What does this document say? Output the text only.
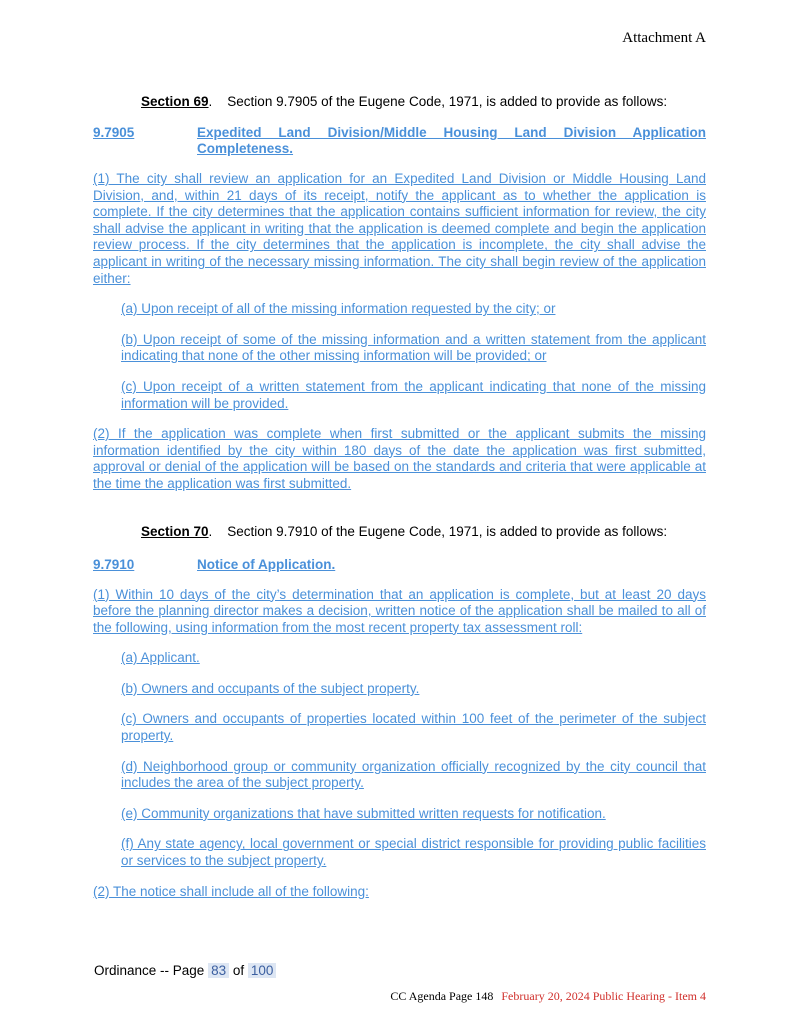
Attachment A
Section 69.    Section 9.7905 of the Eugene Code, 1971, is added to provide as follows:
9.7905	Expedited Land Division/Middle Housing Land Division Application Completeness.

(1) The city shall review an application for an Expedited Land Division or Middle Housing Land Division, and, within 21 days of its receipt, notify the applicant as to whether the application is complete. If the city determines that the application contains sufficient information for review, the city shall advise the applicant in writing that the application is deemed complete and begin the application review process. If the city determines that the application is incomplete, the city shall advise the applicant in writing of the necessary missing information. The city shall begin review of the application either:

(a) Upon receipt of all of the missing information requested by the city; or

(b) Upon receipt of some of the missing information and a written statement from the applicant indicating that none of the other missing information will be provided; or

(c) Upon receipt of a written statement from the applicant indicating that none of the missing information will be provided.

(2) If the application was complete when first submitted or the applicant submits the missing information identified by the city within 180 days of the date the application was first submitted, approval or denial of the application will be based on the standards and criteria that were applicable at the time the application was first submitted.

Section 70.    Section 9.7910 of the Eugene Code, 1971, is added to provide as follows:
9.7910	Notice of Application.

(1) Within 10 days of the city’s determination that an application is complete, but at least 20 days before the planning director makes a decision, written notice of the application shall be mailed to all of the following, using information from the most recent property tax assessment roll:

(a) Applicant.

(b) Owners and occupants of the subject property.

(c) Owners and occupants of properties located within 100 feet of the perimeter of the subject property.

(d) Neighborhood group or community organization officially recognized by the city council that includes the area of the subject property.

(e) Community organizations that have submitted written requests for notification.

(f) Any state agency, local government or special district responsible for providing public facilities or services to the subject property.

(2) The notice shall include all of the following:

Ordinance -- Page 83 of 100
CC Agenda Page 148 February 20, 2024 Public Hearing - Item 4
